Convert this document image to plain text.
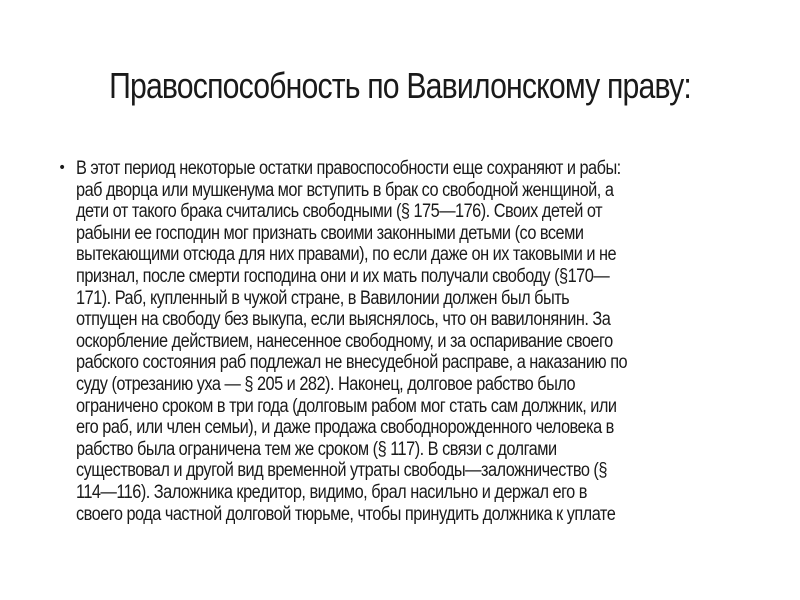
Правоспособность по Вавилонскому праву:
• В этот период некоторые остатки правоспособности еще сохраняют и рабы:
раб дворца или мушкенума мог вступить в брак со свободной женщиной, а
дети от такого брака считались свободными (§ 175—176). Своих детей от
рабыни ее господин мог признать своими законными детьми (со всеми
вытекающими отсюда для них правами), по если даже он их таковыми и не
признал, после смерти господина они и их мать получали свободу (§170—
171). Раб, купленный в чужой стране, в Вавилонии должен был быть
отпущен на свободу без выкупа, если выяснялось, что он вавилонянин. За
оскорбление действием, нанесенное свободному, и за оспаривание своего
рабского состояния раб подлежал не внесудебной расправе, а наказанию по
суду (отрезанию уха — § 205 и 282). Наконец, долговое рабство было
ограничено сроком в три года (долговым рабом мог стать сам должник, или
его раб, или член семьи), и даже продажа свободнорожденного человека в
рабство была ограничена тем же сроком (§ 117). В связи с долгами
существовал и другой вид временной утраты свободы—заложничество (§
114—116). Заложника кредитор, видимо, брал насильно и держал его в
своего рода частной долговой тюрьме, чтобы принудить должника к уплате
